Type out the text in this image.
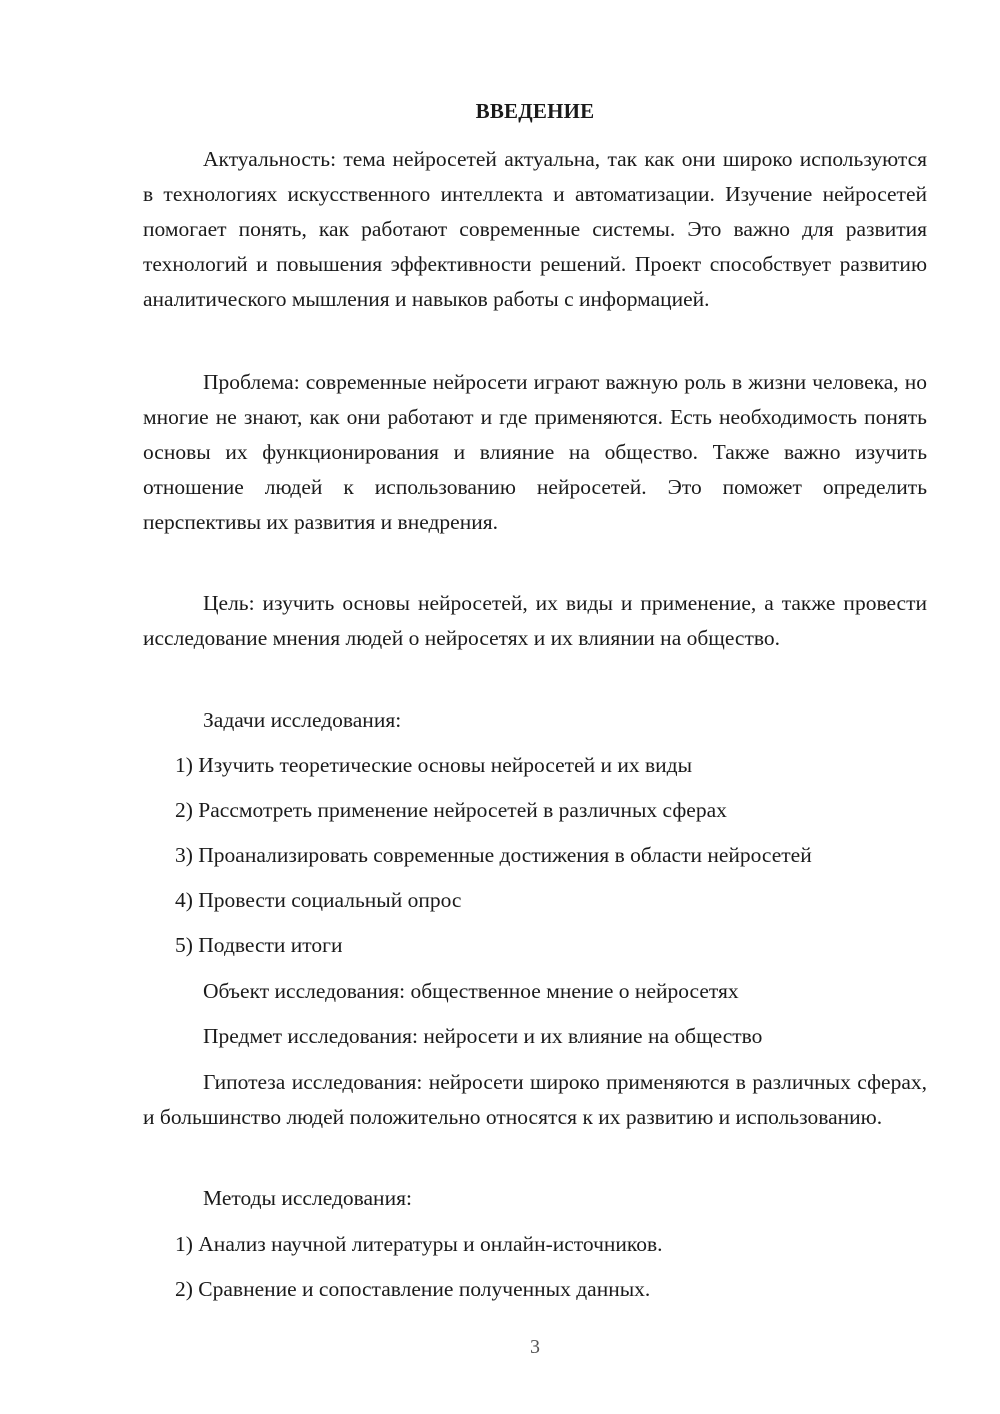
ВВЕДЕНИЕ

Актуальность: тема нейросетей актуальна, так как они широко используются в технологиях искусственного интеллекта и автоматизации. Изучение нейросетей помогает понять, как работают современные системы. Это важно для развития технологий и повышения эффективности решений. Проект способствует развитию аналитического мышления и навыков работы с информацией.

Проблема: современные нейросети играют важную роль в жизни человека, но многие не знают, как они работают и где применяются. Есть необходимость понять основы их функционирования и влияние на общество. Также важно изучить отношение людей к использованию нейросетей. Это поможет определить перспективы их развития и внедрения.

Цель: изучить основы нейросетей, их виды и применение, а также провести исследование мнения людей о нейросетях и их влиянии на общество.

Задачи исследования:

1) Изучить теоретические основы нейросетей и их виды

2) Рассмотреть применение нейросетей в различных сферах

3) Проанализировать современные достижения в области нейросетей

4) Провести социальный опрос

5) Подвести итоги

Объект исследования: общественное мнение о нейросетях

Предмет исследования: нейросети и их влияние на общество

Гипотеза исследования: нейросети широко применяются в различных сферах, и большинство людей положительно относятся к их развитию и использованию.

Методы исследования:

1) Анализ научной литературы и онлайн-источников.

2) Сравнение и сопоставление полученных данных.

3
